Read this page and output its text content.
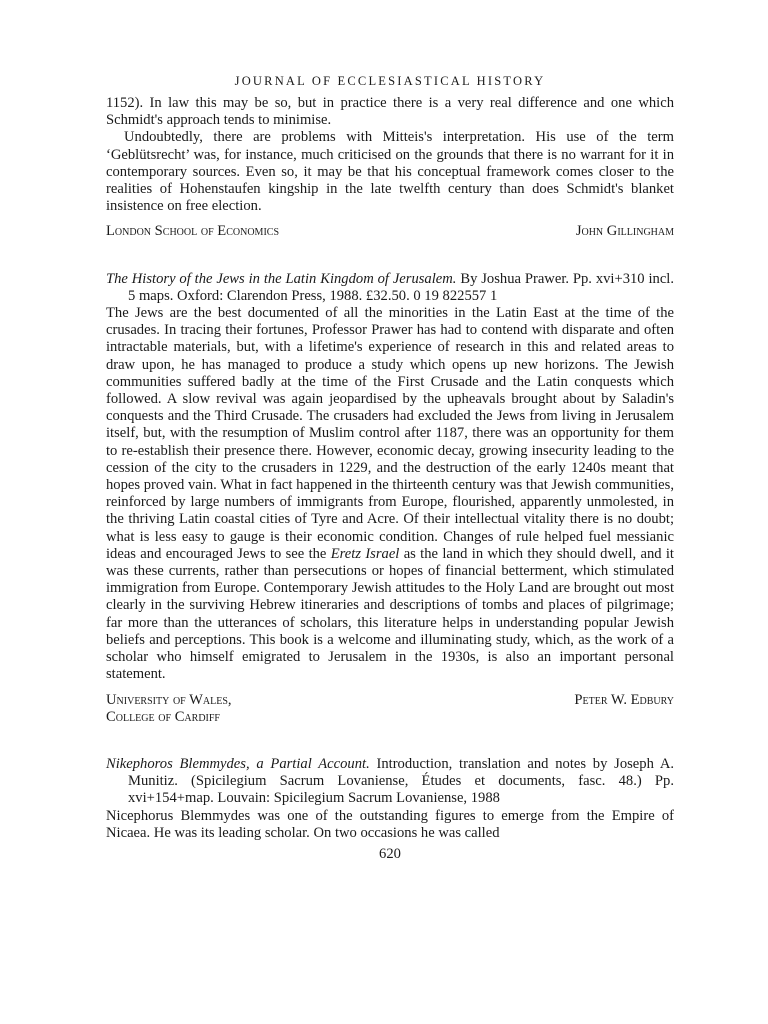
JOURNAL OF ECCLESIASTICAL HISTORY

1152). In law this may be so, but in practice there is a very real difference and one which Schmidt's approach tends to minimise.

Undoubtedly, there are problems with Mitteis's interpretation. His use of the term ‘Geblütsrecht’ was, for instance, much criticised on the grounds that there is no warrant for it in contemporary sources. Even so, it may be that his conceptual framework comes closer to the realities of Hohenstaufen kingship in the late twelfth century than does Schmidt's blanket insistence on free election.

London School of Economics	John Gillingham
The History of the Jews in the Latin Kingdom of Jerusalem. By Joshua Prawer. Pp. xvi+310 incl. 5 maps. Oxford: Clarendon Press, 1988. £32.50. 0 19 822557 1

The Jews are the best documented of all the minorities in the Latin East at the time of the crusades. In tracing their fortunes, Professor Prawer has had to contend with disparate and often intractable materials, but, with a lifetime's experience of research in this and related areas to draw upon, he has managed to produce a study which opens up new horizons. The Jewish communities suffered badly at the time of the First Crusade and the Latin conquests which followed. A slow revival was again jeopardised by the upheavals brought about by Saladin's conquests and the Third Crusade. The crusaders had excluded the Jews from living in Jerusalem itself, but, with the resumption of Muslim control after 1187, there was an opportunity for them to re-establish their presence there. However, economic decay, growing insecurity leading to the cession of the city to the crusaders in 1229, and the destruction of the early 1240s meant that hopes proved vain. What in fact happened in the thirteenth century was that Jewish communities, reinforced by large numbers of immigrants from Europe, flourished, apparently unmolested, in the thriving Latin coastal cities of Tyre and Acre. Of their intellectual vitality there is no doubt; what is less easy to gauge is their economic condition. Changes of rule helped fuel messianic ideas and encouraged Jews to see the Eretz Israel as the land in which they should dwell, and it was these currents, rather than persecutions or hopes of financial betterment, which stimulated immigration from Europe. Contemporary Jewish attitudes to the Holy Land are brought out most clearly in the surviving Hebrew itineraries and descriptions of tombs and places of pilgrimage; far more than the utterances of scholars, this literature helps in understanding popular Jewish beliefs and perceptions. This book is a welcome and illuminating study, which, as the work of a scholar who himself emigrated to Jerusalem in the 1930s, is also an important personal statement.

University of Wales,
College of Cardiff
Peter W. Edbury
Nikephoros Blemmydes, a Partial Account. Introduction, translation and notes by Joseph A. Munitiz. (Spicilegium Sacrum Lovaniense, Études et documents, fasc. 48.) Pp. xvi+154+map. Louvain: Spicilegium Sacrum Lovaniense, 1988

Nicephorus Blemmydes was one of the outstanding figures to emerge from the Empire of Nicaea. He was its leading scholar. On two occasions he was called

620
